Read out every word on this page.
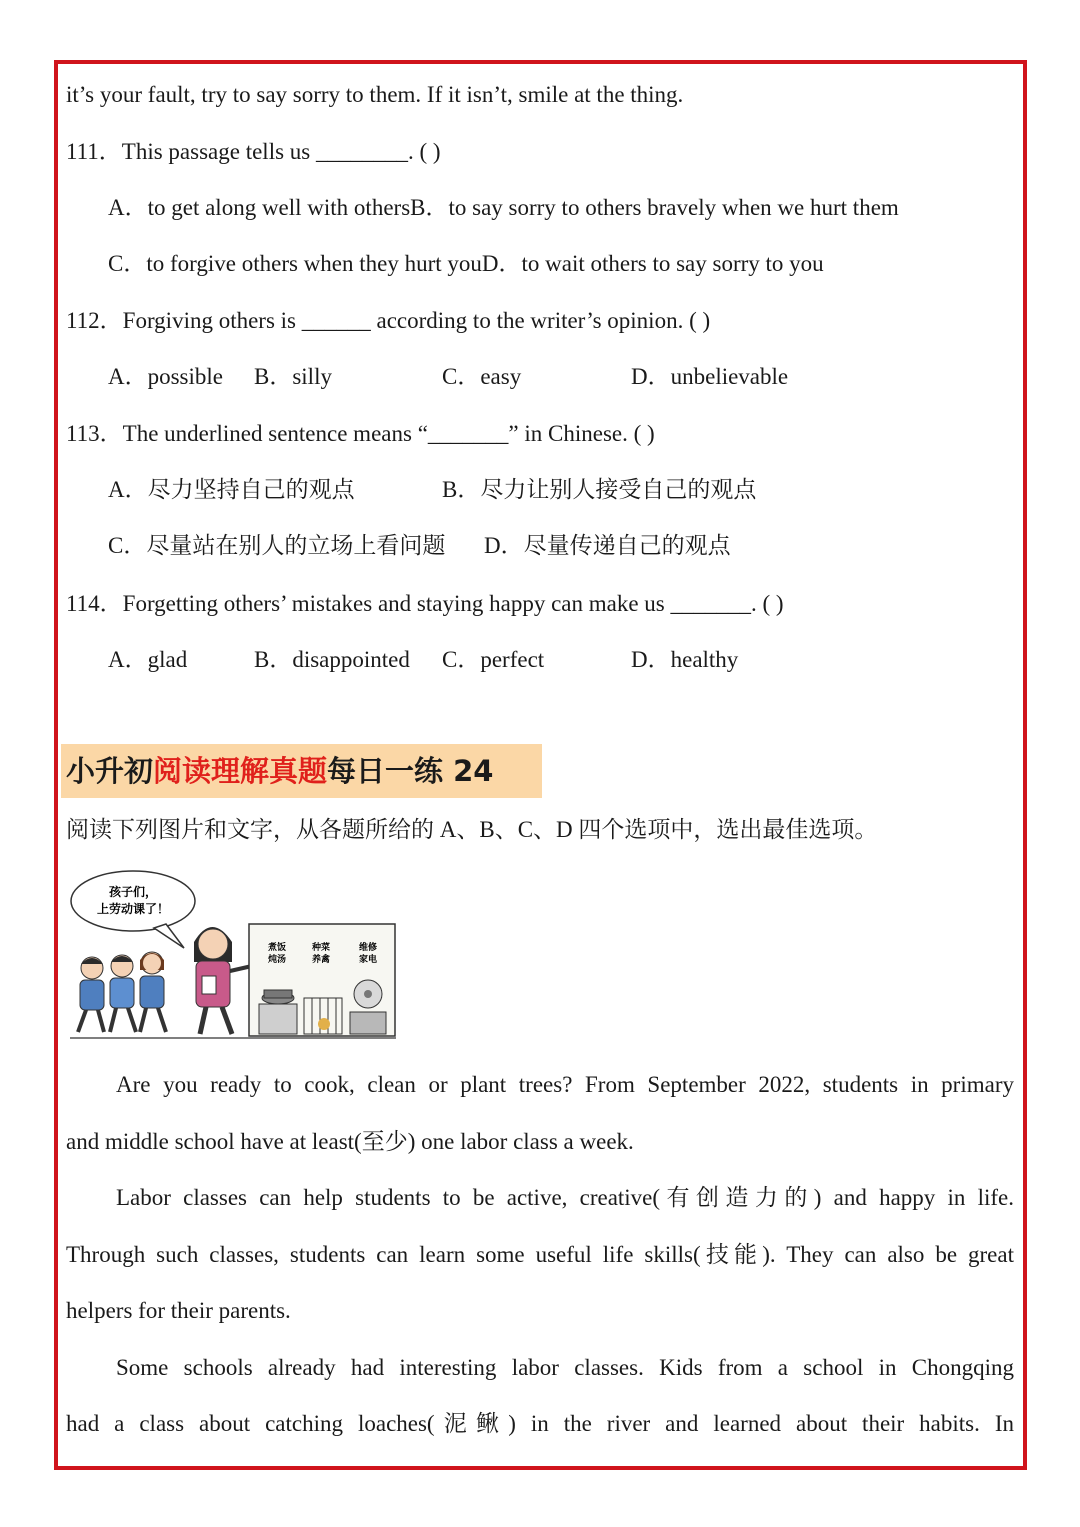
it’s your fault, try to say sorry to them. If it isn’t, smile at the thing.
111．This passage tells us ________. ( )
A．to get along well with othersB．to say sorry to others bravely when we hurt them
C．to forgive others when they hurt youD．to wait others to say sorry to you
112．Forgiving others is ______ according to the writer’s opinion. ( )
A．possible B．silly	C．easy	D．unbelievable
113．The underlined sentence means “_______” in Chinese. ( )
A．尽力坚持自己的观点	B．尽力让别人接受自己的观点
C．尽量站在别人的立场上看问题 D．尽量传递自己的观点
114．Forgetting others’ mistakes and staying happy can make us _______. ( )
A．glad	B．disappointed C．perfect	D．healthy
小升初阅读理解真题每日一练 24
阅读下列图片和文字，从各题所给的 A、B、C、D 四个选项中，选出最佳选项。
孩子们，
上劳动课了！
煮饭
炖汤
种菜
养禽
维修
家电
Are you ready to cook, clean or plant trees? From September 2022, students in primary
and middle school have at least(至少) one labor class a week.
Labor classes can help students to be active, creative(有创造力的) and happy in life.
Through such classes, students can learn some useful life skills(技能). They can also be great
helpers for their parents.
Some schools already had interesting labor classes. Kids from a school in Chongqing
had a class about catching loaches(泥鳅) in the river and learned about their habits. In
